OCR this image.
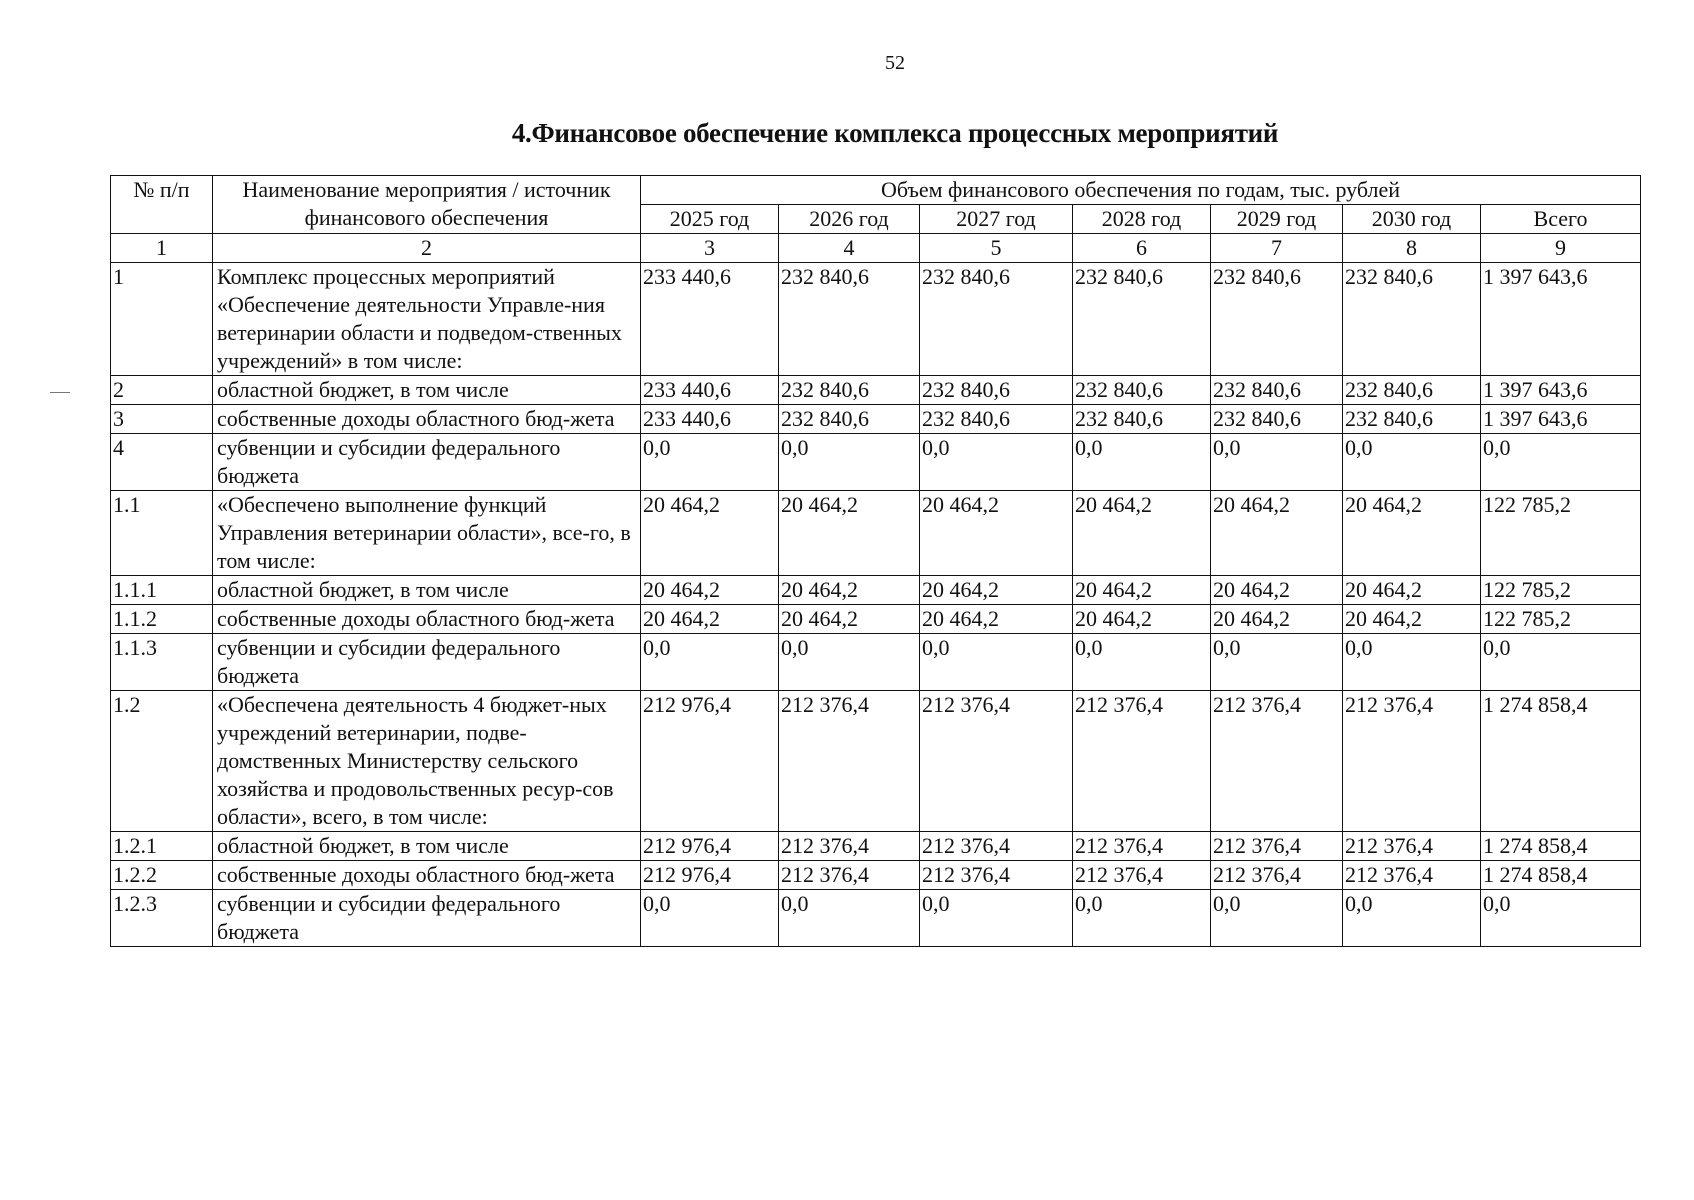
52
4.Финансовое обеспечение комплекса процессных мероприятий
№ п/п	Наименование мероприятия / источник финансового обеспечения	Объем финансового обеспечения по годам, тыс. рублей						
		2025 год	2026 год	2027 год	2028 год	2029 год	2030 год	Всего
1	2	3	4	5	6	7	8	9
1	Комплекс процессных мероприятий «Обеспечение деятельности Управле-ния ветеринарии области и подведом-ственных учреждений» в том числе:	233 440,6	232 840,6	232 840,6	232 840,6	232 840,6	232 840,6	1 397 643,6
2	областной бюджет, в том числе	233 440,6	232 840,6	232 840,6	232 840,6	232 840,6	232 840,6	1 397 643,6
3	собственные доходы областного бюд-жета	233 440,6	232 840,6	232 840,6	232 840,6	232 840,6	232 840,6	1 397 643,6
4	субвенции и субсидии федерального бюджета	0,0	0,0	0,0	0,0	0,0	0,0	0,0
1.1	«Обеспечено выполнение функций Управления ветеринарии области», все-го, в том числе:	20 464,2	20 464,2	20 464,2	20 464,2	20 464,2	20 464,2	122 785,2
1.1.1	областной бюджет, в том числе	20 464,2	20 464,2	20 464,2	20 464,2	20 464,2	20 464,2	122 785,2
1.1.2	собственные доходы областного бюд-жета	20 464,2	20 464,2	20 464,2	20 464,2	20 464,2	20 464,2	122 785,2
1.1.3	субвенции и субсидии федерального бюджета	0,0	0,0	0,0	0,0	0,0	0,0	0,0
1.2	«Обеспечена деятельность 4 бюджет-ных учреждений ветеринарии, подве-домственных Министерству сельского хозяйства и продовольственных ресур-сов области», всего, в том числе:	212 976,4	212 376,4	212 376,4	212 376,4	212 376,4	212 376,4	1 274 858,4
1.2.1	областной бюджет, в том числе	212 976,4	212 376,4	212 376,4	212 376,4	212 376,4	212 376,4	1 274 858,4
1.2.2	собственные доходы областного бюд-жета	212 976,4	212 376,4	212 376,4	212 376,4	212 376,4	212 376,4	1 274 858,4
1.2.3	субвенции и субсидии федерального бюджета	0,0	0,0	0,0	0,0	0,0	0,0	0,0
